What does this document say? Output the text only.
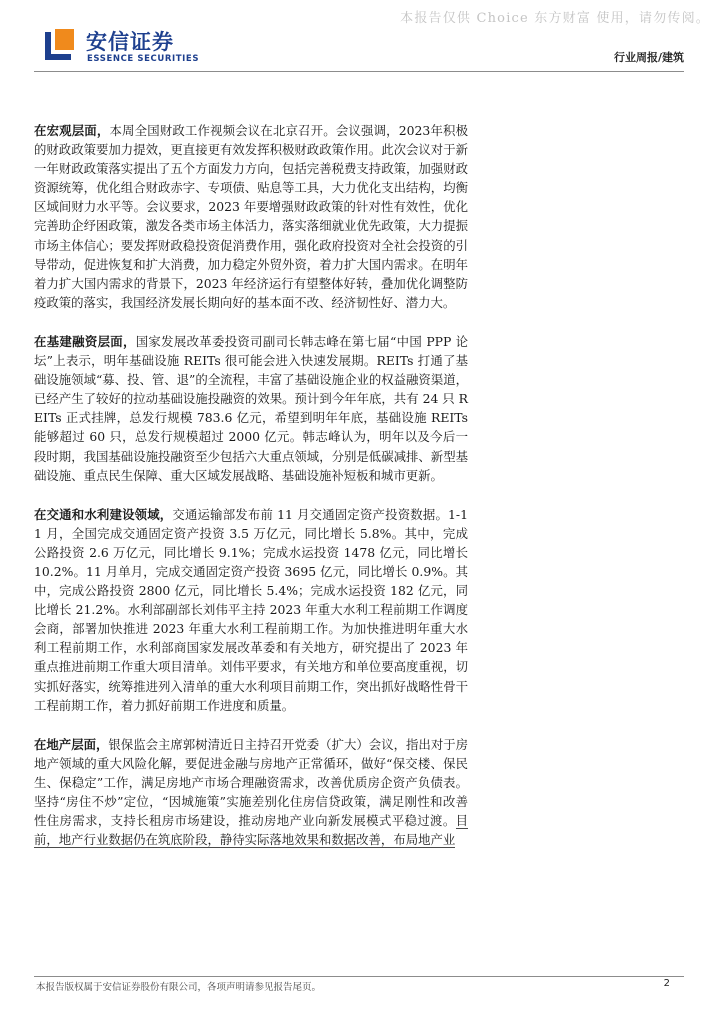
本报告仅供 Choice 东方财富 使用，请勿传阅。
安信证券
ESSENCE SECURITIES	行业周报/建筑

在宏观层面，本周全国财政工作视频会议在北京召开。会议强调，2023年积极的财政政策要加力提效，更直接更有效发挥积极财政政策作用。此次会议对于新一年财政政策落实提出了五个方面发力方向，包括完善税费支持政策，加强财政资源统筹，优化组合财政赤字、专项债、贴息等工具，大力优化支出结构，均衡区域间财力水平等。会议要求，2023 年要增强财政政策的针对性有效性，优化完善助企纾困政策，激发各类市场主体活力，落实落细就业优先政策，大力提振市场主体信心；要发挥财政稳投资促消费作用，强化政府投资对全社会投资的引导带动，促进恢复和扩大消费，加力稳定外贸外资，着力扩大国内需求。在明年着力扩大国内需求的背景下，2023 年经济运行有望整体好转，叠加优化调整防疫政策的落实，我国经济发展长期向好的基本面不改、经济韧性好、潜力大。

在基建融资层面，国家发展改革委投资司副司长韩志峰在第七届“中国 PPP 论坛”上表示，明年基础设施 REITs 很可能会进入快速发展期。REITs 打通了基础设施领域“募、投、管、退”的全流程，丰富了基础设施企业的权益融资渠道，已经产生了较好的拉动基础设施投融资的效果。预计到今年年底，共有 24 只 REITs 正式挂牌，总发行规模 783.6 亿元，希望到明年年底，基础设施 REITs 能够超过 60 只，总发行规模超过 2000 亿元。韩志峰认为，明年以及今后一段时期，我国基础设施投融资至少包括六大重点领域，分别是低碳减排、新型基础设施、重点民生保障、重大区域发展战略、基础设施补短板和城市更新。

在交通和水利建设领域，交通运输部发布前 11 月交通固定资产投资数据。1-11 月，全国完成交通固定资产投资 3.5 万亿元，同比增长 5.8%。其中，完成公路投资 2.6 万亿元，同比增长 9.1%；完成水运投资 1478 亿元，同比增长 10.2%。11 月单月，完成交通固定资产投资 3695 亿元，同比增长 0.9%。其中，完成公路投资 2800 亿元，同比增长 5.4%；完成水运投资 182 亿元，同比增长 21.2%。水利部副部长刘伟平主持 2023 年重大水利工程前期工作调度会商，部署加快推进 2023 年重大水利工程前期工作。为加快推进明年重大水利工程前期工作，水利部商国家发展改革委和有关地方，研究提出了 2023 年重点推进前期工作重大项目清单。刘伟平要求，有关地方和单位要高度重视，切实抓好落实，统筹推进列入清单的重大水利项目前期工作，突出抓好战略性骨干工程前期工作，着力抓好前期工作进度和质量。

在地产层面，银保监会主席郭树清近日主持召开党委（扩大）会议，指出对于房地产领域的重大风险化解，要促进金融与房地产正常循环，做好“保交楼、保民生、保稳定”工作，满足房地产市场合理融资需求，改善优质房企资产负债表。坚持“房住不炒”定位，“因城施策”实施差别化住房信贷政策，满足刚性和改善性住房需求，支持长租房市场建设，推动房地产业向新发展模式平稳过渡。目前，地产行业数据仍在筑底阶段，静待实际落地效果和数据改善，布局地产业

本报告版权属于安信证券股份有限公司，各项声明请参见报告尾页。	2
